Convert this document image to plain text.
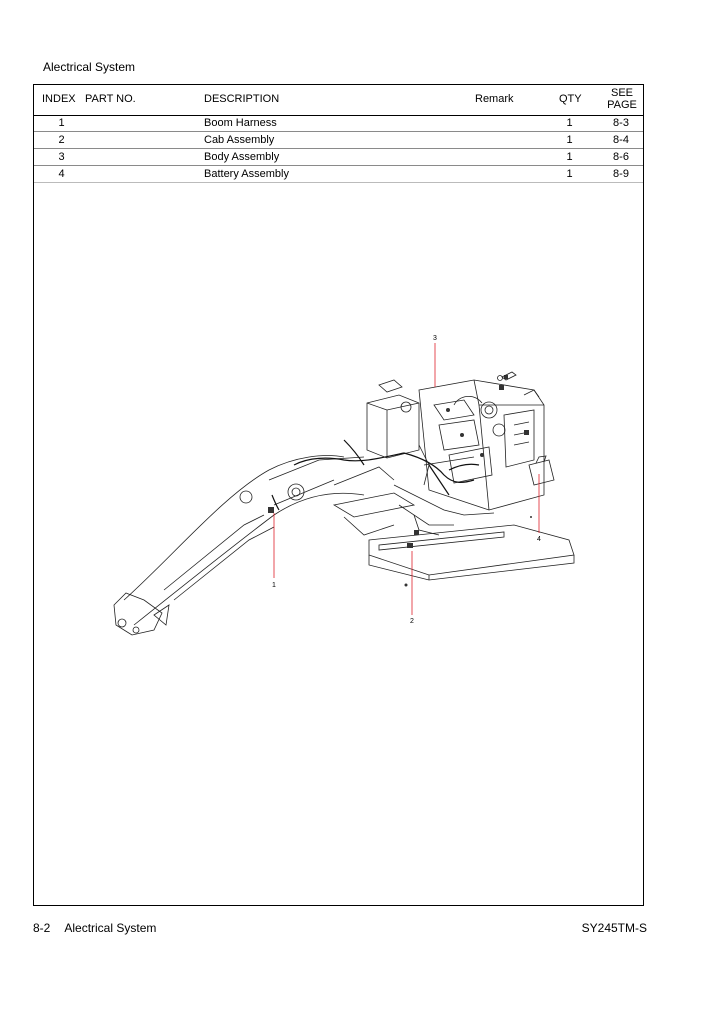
Alectrical System
INDEX PART NO.	DESCRIPTION	Remark	QTY	SEE
PAGE
1	Boom Harness	1	8-3
2	Cab Assembly	1	8-4
3	Body Assembly	1	8-6
4	Battery Assembly	1	8-9
1
2
3
4
8-2 Alectrical System	SY245TM-S
